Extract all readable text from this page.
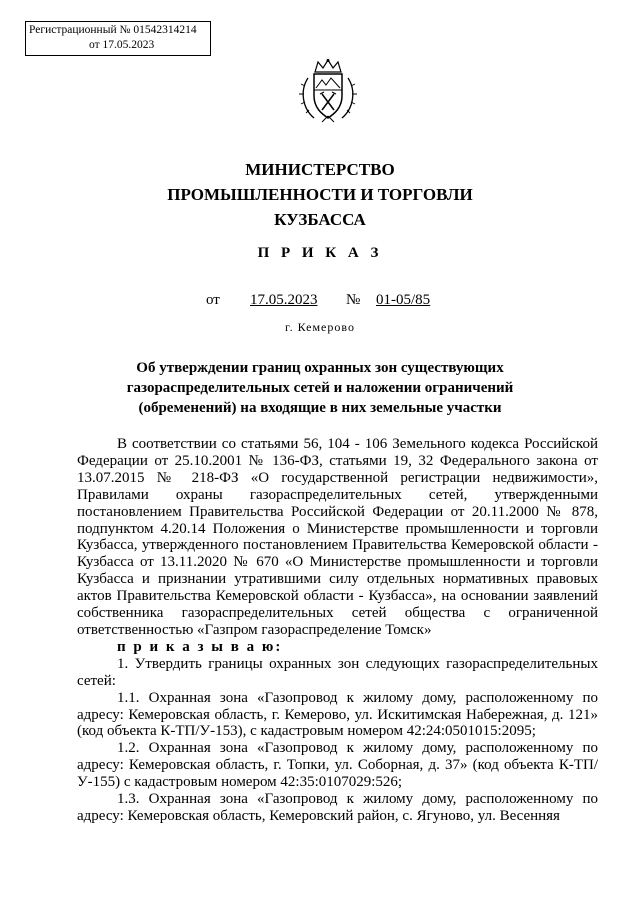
Регистрационный № 01542314214
от 17.05.2023
МИНИСТЕРСТВО
ПРОМЫШЛЕННОСТИ И ТОРГОВЛИ
КУЗБАССА
П Р И К А З
от 17.05.2023 № 01-05/85
г. Кемерово
Об утверждении границ охранных зон существующих газораспределительных сетей и наложении ограничений (обременений) на входящие в них земельные участки

В соответствии со статьями 56, 104 - 106 Земельного кодекса Российской Федерации от 25.10.2001 № 136-ФЗ, статьями 19, 32 Федерального закона от 13.07.2015 № 218-ФЗ «О государственной регистрации недвижимости», Правилами охраны газораспределительных сетей, утвержденными постановлением Правительства Российской Федерации от 20.11.2000 № 878, подпунктом 4.20.14 Положения о Министерстве промышленности и торговли Кузбасса, утвержденного постановлением Правительства Кемеровской области - Кузбасса от 13.11.2020 № 670 «О Министерстве промышленности и торговли Кузбасса и признании утратившими силу отдельных нормативных правовых актов Правительства Кемеровской области - Кузбасса», на основании заявлений собственника газораспределительных сетей общества с ограниченной ответственностью «Газпром газораспределение Томск»

п р и к а з ы в а ю:

1. Утвердить границы охранных зон следующих газораспределительных сетей:

1.1. Охранная зона «Газопровод к жилому дому, расположенному по адресу: Кемеровская область, г. Кемерово, ул. Искитимская Набережная, д. 121» (код объекта К-ТП/У-153), с кадастровым номером 42:24:0501015:2095;

1.2. Охранная зона «Газопровод к жилому дому, расположенному по адресу: Кемеровская область, г. Топки, ул. Соборная, д. 37» (код объекта К-ТП/У-155) с кадастровым номером 42:35:0107029:526;

1.3. Охранная зона «Газопровод к жилому дому, расположенному по адресу: Кемеровская область, Кемеровский район, с. Ягуново, ул. Весенняя
